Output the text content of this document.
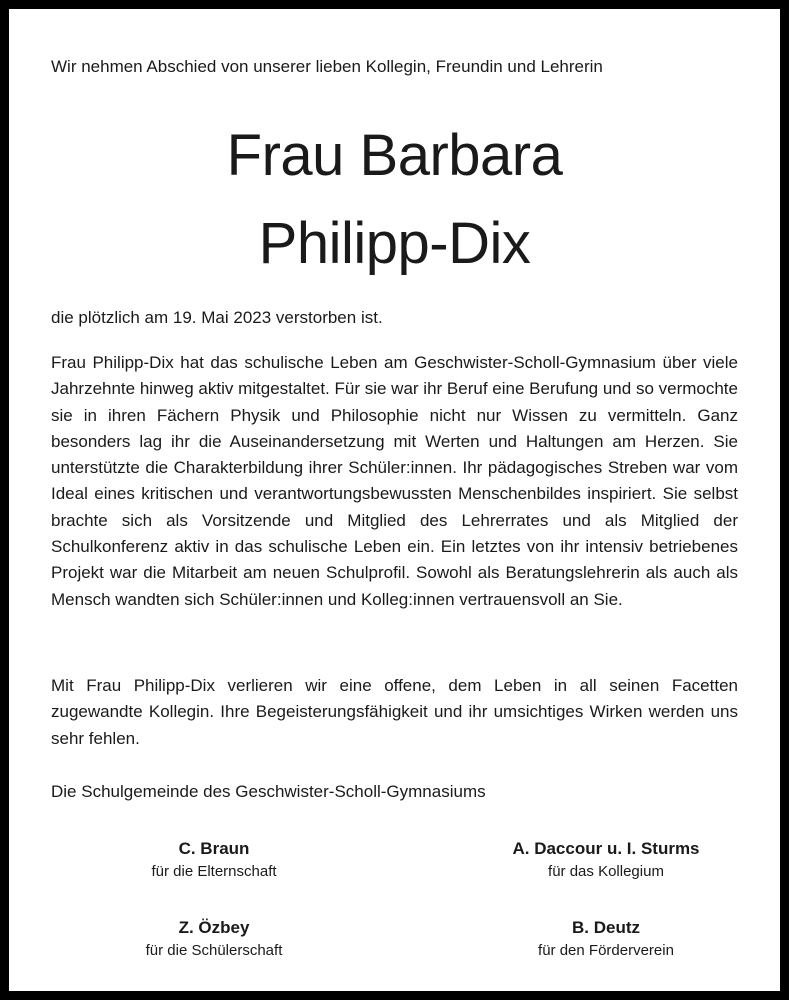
Wir nehmen Abschied von unserer lieben Kollegin, Freundin und Lehrerin

Frau Barbara
Philipp-Dix

die plötzlich am 19. Mai 2023 verstorben ist.

Frau Philipp-Dix hat das schulische Leben am Geschwister-Scholl-Gymnasium über viele Jahrzehnte hinweg aktiv mitgestaltet. Für sie war ihr Beruf eine Berufung und so vermochte sie in ihren Fächern Physik und Philosophie nicht nur Wissen zu vermitteln. Ganz besonders lag ihr die Auseinandersetzung mit Werten und Haltungen am Herzen. Sie unterstützte die Charakterbildung ihrer Schüler:innen. Ihr pädagogisches Streben war vom Ideal eines kritischen und verantwortungsbewussten Menschenbildes inspiriert. Sie selbst brachte sich als Vorsitzende und Mitglied des Lehrerrates und als Mitglied der Schulkonferenz aktiv in das schulische Leben ein. Ein letztes von ihr intensiv betriebenes Projekt war die Mitarbeit am neuen Schulprofil. Sowohl als Beratungslehrerin als auch als Mensch wandten sich Schüler:innen und Kolleg:innen vertrauensvoll an Sie.

Mit Frau Philipp-Dix verlieren wir eine offene, dem Leben in all seinen Facetten zugewandte Kollegin. Ihre Begeisterungsfähigkeit und ihr umsichtiges Wirken werden uns sehr fehlen.

Die Schulgemeinde des Geschwister-Scholl-Gymnasiums

C. Braun

für die Elternschaft

A. Daccour u. I. Sturms

für das Kollegium

Z. Özbey

für die Schülerschaft

B. Deutz

für den Förderverein
